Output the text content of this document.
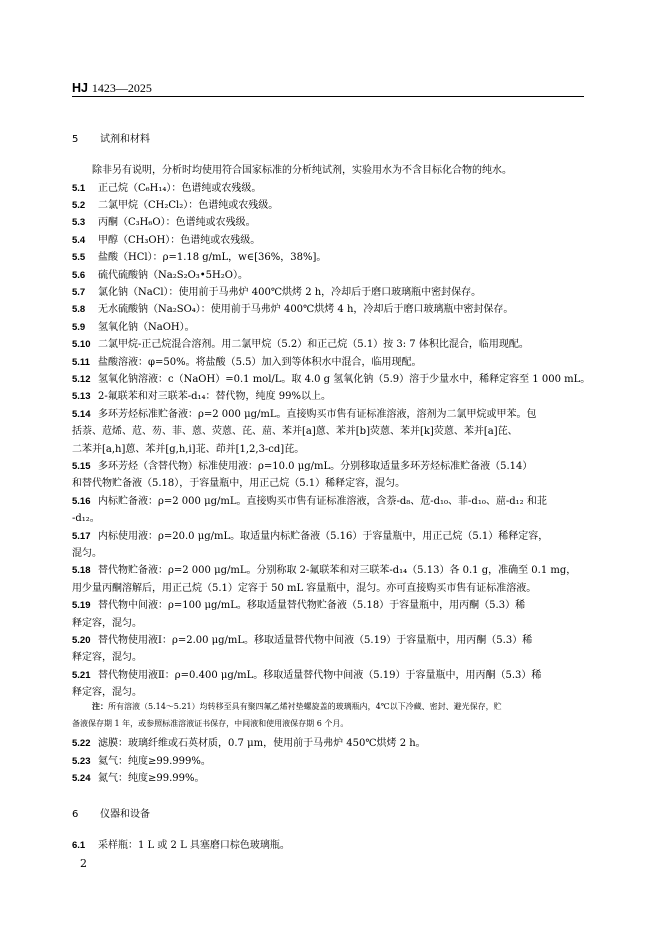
HJ 1423—2025
5 试剂和材料
除非另有说明，分析时均使用符合国家标准的分析纯试剂，实验用水为不含目标化合物的纯水。
5.1 正己烷（C₆H₁₄）：色谱纯或农残级。
5.2 二氯甲烷（CH₂Cl₂）：色谱纯或农残级。
5.3 丙酮（C₃H₆O）：色谱纯或农残级。
5.4 甲醇（CH₃OH）：色谱纯或农残级。
5.5 盐酸（HCl）：ρ=1.18 g/mL，w∈[36%，38%]。
5.6 硫代硫酸钠（Na₂S₂O₃•5H₂O）。
5.7 氯化钠（NaCl）：使用前于马弗炉 400℃烘烤 2 h，冷却后于磨口玻璃瓶中密封保存。
5.8 无水硫酸钠（Na₂SO₄）：使用前于马弗炉 400℃烘烤 4 h，冷却后于磨口玻璃瓶中密封保存。
5.9 氢氧化钠（NaOH）。
5.10 二氯甲烷-正己烷混合溶剂。用二氯甲烷（5.2）和正己烷（5.1）按 3: 7 体积比混合，临用现配。
5.11 盐酸溶液：φ=50%。将盐酸（5.5）加入到等体积水中混合，临用现配。
5.12 氢氧化钠溶液：c（NaOH）=0.1 mol/L。取 4.0 g 氢氧化钠（5.9）溶于少量水中，稀释定容至 1 000 mL。
5.13 2-氟联苯和对三联苯-d₁₄：替代物，纯度 99%以上。
5.14 多环芳烃标准贮备液：ρ=2 000 μg/mL。直接购买市售有证标准溶液，溶剂为二氯甲烷或甲苯。包
括萘、苊烯、苊、芴、菲、蒽、荧蒽、芘、䓛、苯并[a]蒽、苯并[b]荧蒽、苯并[k]荧蒽、苯并[a]芘、
二苯并[a,h]蒽、苯并[g,h,i]苝、茚并[1,2,3-cd]芘。
5.15 多环芳烃（含替代物）标准使用液：ρ=10.0 μg/mL。分别移取适量多环芳烃标准贮备液（5.14）
和替代物贮备液（5.18），于容量瓶中，用正己烷（5.1）稀释定容，混匀。
5.16 内标贮备液：ρ=2 000 μg/mL。直接购买市售有证标准溶液，含萘-d₈、苊-d₁₀、菲-d₁₀、䓛-d₁₂ 和苝
-d₁₂。
5.17 内标使用液：ρ=20.0 μg/mL。取适量内标贮备液（5.16）于容量瓶中，用正己烷（5.1）稀释定容，
混匀。
5.18 替代物贮备液：ρ=2 000 μg/mL。分别称取 2-氟联苯和对三联苯-d₁₄（5.13）各 0.1 g，准确至 0.1 mg，
用少量丙酮溶解后，用正己烷（5.1）定容于 50 mL 容量瓶中，混匀。亦可直接购买市售有证标准溶液。
5.19 替代物中间液：ρ=100 μg/mL。移取适量替代物贮备液（5.18）于容量瓶中，用丙酮（5.3）稀
释定容，混匀。
5.20 替代物使用液Ⅰ：ρ=2.00 μg/mL。移取适量替代物中间液（5.19）于容量瓶中，用丙酮（5.3）稀
释定容，混匀。
5.21 替代物使用液Ⅱ：ρ=0.400 μg/mL。移取适量替代物中间液（5.19）于容量瓶中，用丙酮（5.3）稀
释定容，混匀。
注：所有溶液（5.14～5.21）均转移至具有聚四氟乙烯衬垫螺旋盖的玻璃瓶内，4℃以下冷藏、密封、避光保存，贮
备液保存期 1 年，或参照标准溶液证书保存，中间液和使用液保存期 6 个月。
5.22 滤膜：玻璃纤维或石英材质，0.7 μm，使用前于马弗炉 450℃烘烤 2 h。
5.23 氦气：纯度≥99.999%。
5.24 氮气：纯度≥99.99%。
6 仪器和设备
6.1 采样瓶：1 L 或 2 L 具塞磨口棕色玻璃瓶。
2
